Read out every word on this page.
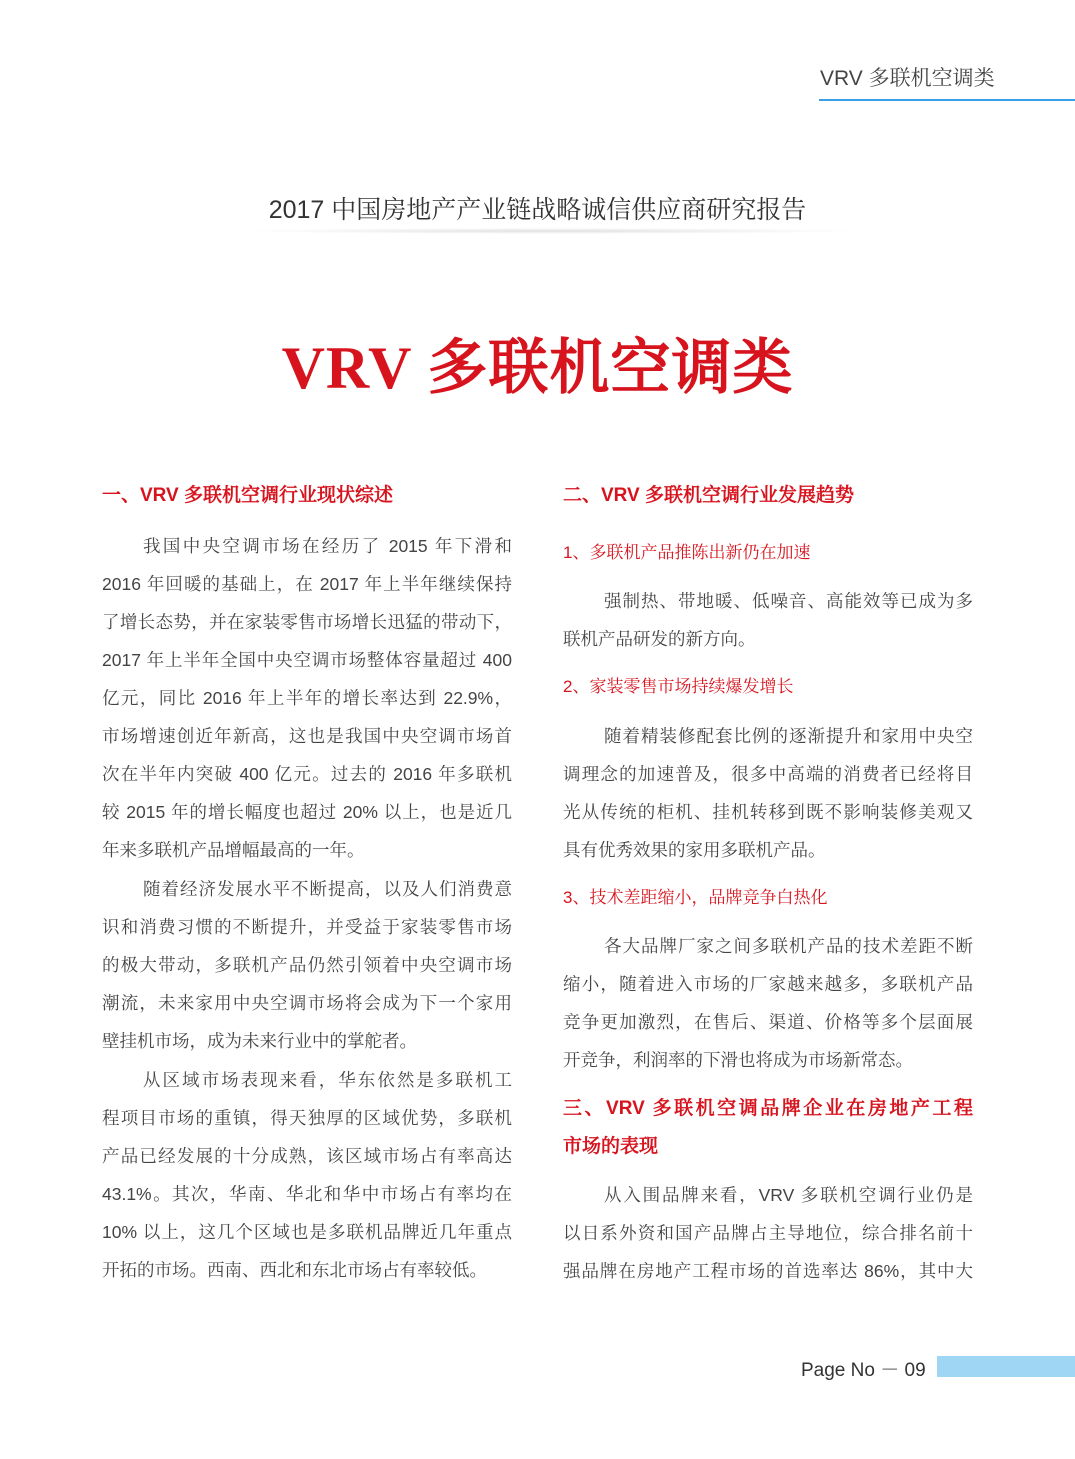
VRV 多联机空调类
2017 中国房地产产业链战略诚信供应商研究报告
VRV 多联机空调类
一、VRV 多联机空调行业现状综述
我国中央空调市场在经历了 2015 年下滑和
2016 年回暖的基础上，在 2017 年上半年继续保持
了增长态势，并在家装零售市场增长迅猛的带动下，
2017 年上半年全国中央空调市场整体容量超过 400
亿元，同比 2016 年上半年的增长率达到 22.9%，
市场增速创近年新高，这也是我国中央空调市场首
次在半年内突破 400 亿元。过去的 2016 年多联机
较 2015 年的增长幅度也超过 20% 以上，也是近几
年来多联机产品增幅最高的一年。
随着经济发展水平不断提高，以及人们消费意
识和消费习惯的不断提升，并受益于家装零售市场
的极大带动，多联机产品仍然引领着中央空调市场
潮流，未来家用中央空调市场将会成为下一个家用
壁挂机市场，成为未来行业中的掌舵者。
从区域市场表现来看，华东依然是多联机工
程项目市场的重镇，得天独厚的区域优势，多联机
产品已经发展的十分成熟，该区域市场占有率高达
43.1%。其次，华南、华北和华中市场占有率均在
10% 以上，这几个区域也是多联机品牌近几年重点
开拓的市场。西南、西北和东北市场占有率较低。
二、VRV 多联机空调行业发展趋势
1、多联机产品推陈出新仍在加速
强制热、带地暖、低噪音、高能效等已成为多
联机产品研发的新方向。
2、家装零售市场持续爆发增长
随着精装修配套比例的逐渐提升和家用中央空
调理念的加速普及，很多中高端的消费者已经将目
光从传统的柜机、挂机转移到既不影响装修美观又
具有优秀效果的家用多联机产品。
3、技术差距缩小，品牌竞争白热化
各大品牌厂家之间多联机产品的技术差距不断
缩小，随着进入市场的厂家越来越多，多联机产品
竞争更加激烈，在售后、渠道、价格等多个层面展
开竞争，利润率的下滑也将成为市场新常态。
三、VRV 多联机空调品牌企业在房地产工程
市场的表现
从入围品牌来看，VRV 多联机空调行业仍是
以日系外资和国产品牌占主导地位，综合排名前十
强品牌在房地产工程市场的首选率达 86%，其中大
Page No － 09
